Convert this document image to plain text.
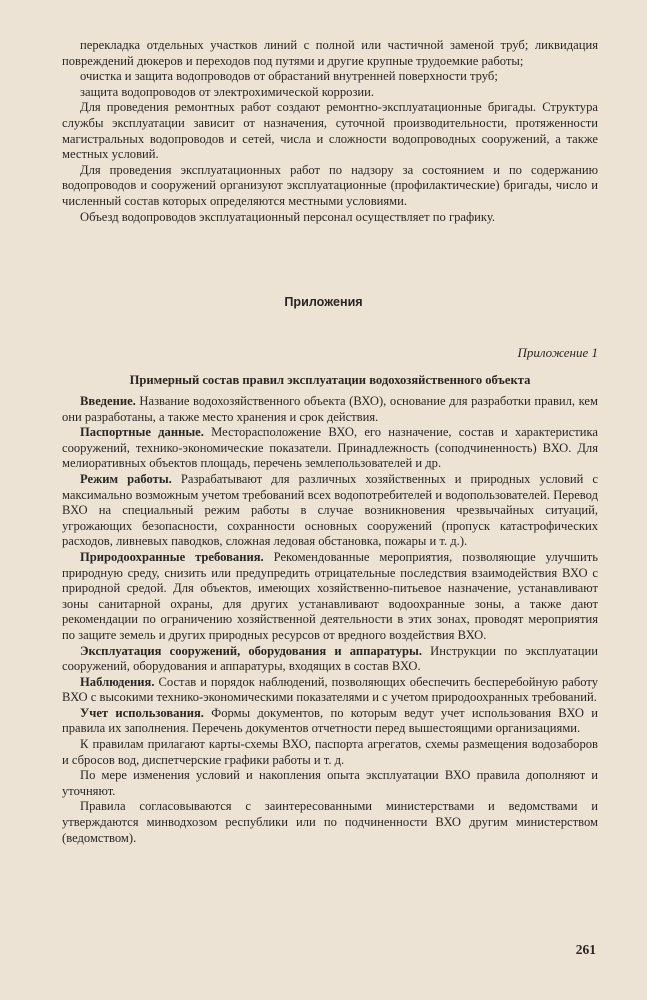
перекладка отдельных участков линий с полной или частичной заменой труб; ликвидация повреждений дюкеров и переходов под путями и другие крупные трудоемкие работы;

очистка и защита водопроводов от обрастаний внутренней поверхности труб;

защита водопроводов от электрохимической коррозии.

Для проведения ремонтных работ создают ремонтно-эксплуатационные бригады. Структура службы эксплуатации зависит от назначения, суточной производительности, протяженности магистральных водопроводов и сетей, числа и сложности водопроводных сооружений, а также местных условий.

Для проведения эксплуатационных работ по надзору за состоянием и по содержанию водопроводов и сооружений организуют эксплуатационные (профилактические) бригады, число и численный состав которых определяются местными условиями.

Объезд водопроводов эксплуатационный персонал осуществляет по графику.

Приложения
Приложение 1
Примерный состав правил эксплуатации водохозяйственного объекта

Введение. Название водохозяйственного объекта (ВХО), основание для разработки правил, кем они разработаны, а также место хранения и срок действия.

Паспортные данные. Месторасположение ВХО, его назначение, состав и характеристика сооружений, технико-экономические показатели. Принадлежность (соподчиненность) ВХО. Для мелиоративных объектов площадь, перечень землепользователей и др.

Режим работы. Разрабатывают для различных хозяйственных и природных условий с максимально возможным учетом требований всех водопотребителей и водопользователей. Перевод ВХО на специальный режим работы в случае возникновения чрезвычайных ситуаций, угрожающих безопасности, сохранности основных сооружений (пропуск катастрофических расходов, ливневых паводков, сложная ледовая обстановка, пожары и т. д.).

Природоохранные требования. Рекомендованные мероприятия, позволяющие улучшить природную среду, снизить или предупредить отрицательные последствия взаимодействия ВХО с природной средой. Для объектов, имеющих хозяйственно-питьевое назначение, устанавливают зоны санитарной охраны, для других устанавливают водоохранные зоны, а также дают рекомендации по ограничению хозяйственной деятельности в этих зонах, проводят мероприятия по защите земель и других природных ресурсов от вредного воздействия ВХО.

Эксплуатация сооружений, оборудования и аппаратуры. Инструкции по эксплуатации сооружений, оборудования и аппаратуры, входящих в состав ВХО.

Наблюдения. Состав и порядок наблюдений, позволяющих обеспечить бесперебойную работу ВХО с высокими технико-экономическими показателями и с учетом природоохранных требований.

Учет использования. Формы документов, по которым ведут учет использования ВХО и правила их заполнения. Перечень документов отчетности перед вышестоящими организациями.

К правилам прилагают карты-схемы ВХО, паспорта агрегатов, схемы размещения водозаборов и сбросов вод, диспетчерские графики работы и т. д.

По мере изменения условий и накопления опыта эксплуатации ВХО правила дополняют и уточняют.

Правила согласовываются с заинтересованными министерствами и ведомствами и утверждаются минводхозом республики или по подчиненности ВХО другим министерством (ведомством).

261
